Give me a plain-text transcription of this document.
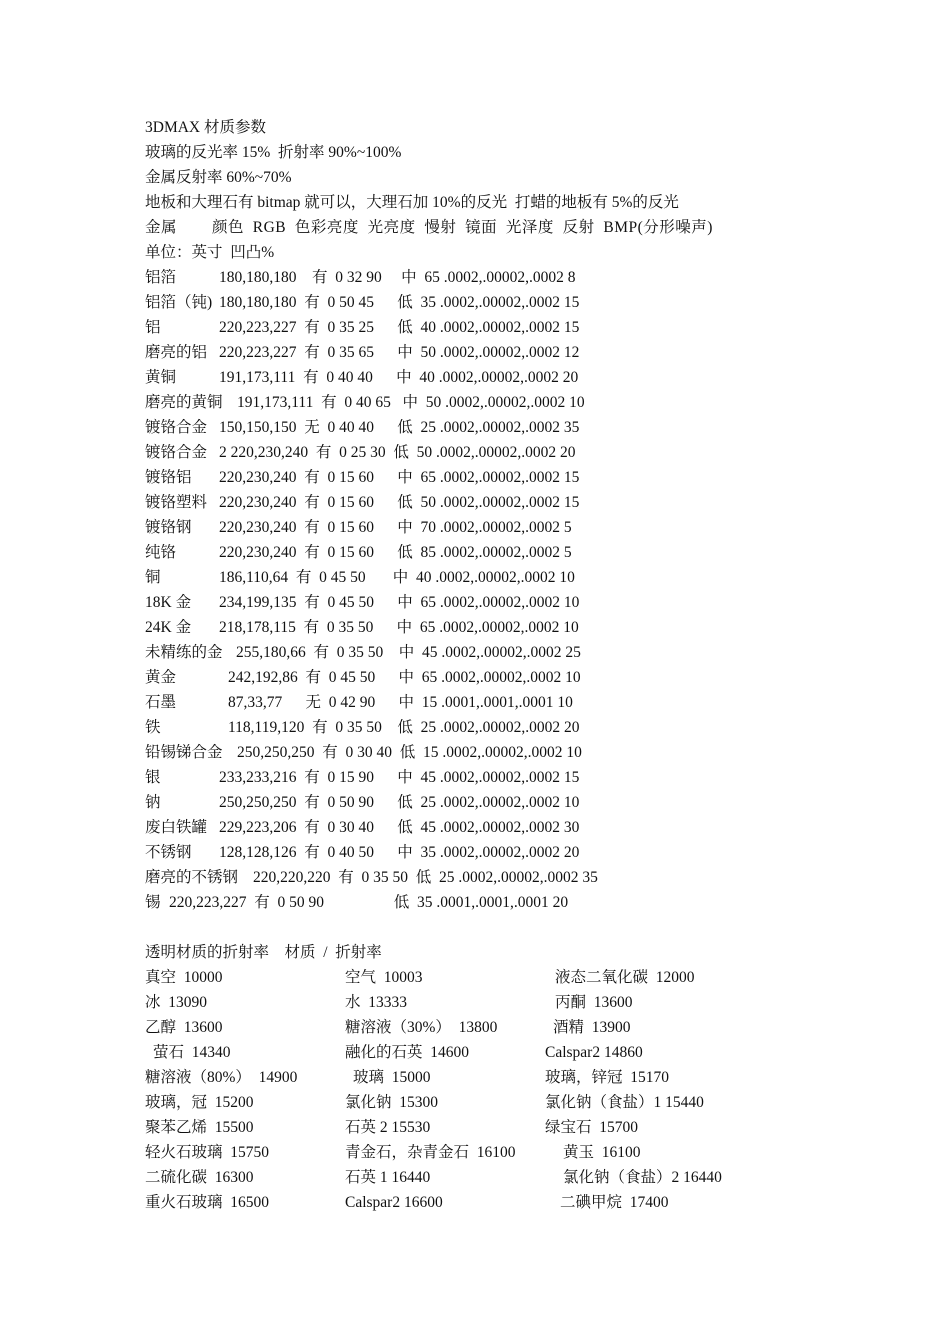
3DMAX 材质参数
玻璃的反光率 15%  折射率 90%~100%
金属反射率 60%~70%
地板和大理石有 bitmap 就可以，大理石加 10%的反光  打蜡的地板有 5%的反光
金属        颜色  RGB  色彩亮度  光亮度  慢射  镜面  光泽度  反射  BMP(分形噪声)
单位：英寸  凹凸%
铝箔	180,180,180    有  0 32 90     中  65 .0002,.00002,.0002 8
铝箔（钝) 180,180,180  有  0 50 45      低  35 .0002,.00002,.0002 15
铝	220,223,227  有  0 35 25      低  40 .0002,.00002,.0002 15
磨亮的铝 220,223,227  有  0 35 65      中  50 .0002,.00002,.0002 12
黄铜	191,173,111  有  0 40 40      中  40 .0002,.00002,.0002 20
磨亮的黄铜 191,173,111  有  0 40 65   中  50 .0002,.00002,.0002 10
镀铬合金 150,150,150  无  0 40 40      低  25 .0002,.00002,.0002 35
镀铬合金 2 220,230,240  有  0 25 30  低  50 .0002,.00002,.0002 20
镀铬铝 220,230,240  有  0 15 60      中  65 .0002,.00002,.0002 15
镀铬塑料 220,230,240  有  0 15 60      低  50 .0002,.00002,.0002 15
镀铬钢 220,230,240  有  0 15 60      中  70 .0002,.00002,.0002 5
纯铬	220,230,240  有  0 15 60      低  85 .0002,.00002,.0002 5
铜	186,110,64  有  0 45 50       中  40 .0002,.00002,.0002 10
18K 金 234,199,135  有  0 45 50      中  65 .0002,.00002,.0002 10
24K 金 218,178,115  有  0 35 50      中  65 .0002,.00002,.0002 10
未精练的金 255,180,66  有  0 35 50    中  45 .0002,.00002,.0002 25
黄金	242,192,86  有  0 45 50      中  65 .0002,.00002,.0002 10
石墨	87,33,77      无  0 42 90      中  15 .0001,.0001,.0001 10
铁	118,119,120  有  0 35 50    低  25 .0002,.00002,.0002 20
铅锡锑合金 250,250,250  有  0 30 40  低  15 .0002,.00002,.0002 10
银	233,233,216  有  0 15 90      中  45 .0002,.00002,.0002 15
钠	250,250,250  有  0 50 90      低  25 .0002,.00002,.0002 10
废白铁罐 229,223,206  有  0 30 40      低  45 .0002,.00002,.0002 30
不锈钢 128,128,126  有  0 40 50      中  35 .0002,.00002,.0002 20
磨亮的不锈钢 220,220,220  有  0 35 50  低  25 .0002,.00002,.0002 35
锡 220,223,227  有  0 50 90                  低  35 .0001,.0001,.0001 20
透明材质的折射率    材质  /  折射率
真空  10000	空气  10003	液态二氧化碳  12000
冰  13090	水  13333	丙酮  13600
乙醇  13600	糖溶液（30%）  13800	酒精  13900
萤石  14340	融化的石英  14600	Calspar2 14860
糖溶液（80%）  14900	玻璃  15000	玻璃，锌冠  15170
玻璃，冠  15200	氯化钠  15300	氯化钠（食盐）1 15440
聚苯乙烯  15500	石英 2 15530	绿宝石  15700
轻火石玻璃  15750	青金石，杂青金石  16100	黄玉  16100
二硫化碳  16300	石英 1 16440	氯化钠（食盐）2 16440
重火石玻璃  16500	Calspar2 16600	二碘甲烷  17400
